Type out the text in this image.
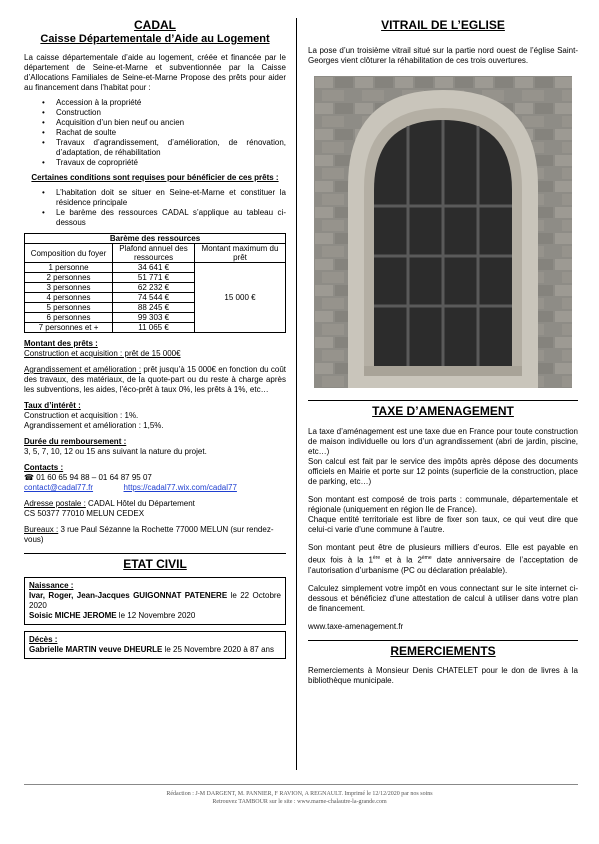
CADAL
Caisse Départementale d’Aide au Logement

La caisse départementale d’aide au logement, créée et financée par le département de Seine-et-Marne et subventionnée par la Caisse d’Allocations Familiales de Seine-et-Marne Propose des prêts pour aider au financement dans l’habitat pour :

• Accession à la propriété
• Construction
• Acquisition d’un bien neuf ou ancien
• Rachat de soulte
• Travaux d’agrandissement, d’amélioration, de rénovation, d’adaptation, de réhabilitation
• Travaux de copropriété

Certaines conditions sont requises pour bénéficier de ces prêts :

• L’habitation doit se situer en Seine-et-Marne et constituer la résidence principale
• Le barème des ressources CADAL s’applique au tableau ci-dessous
Barème des ressources		
Composition du foyer	Plafond annuel des ressources	Montant maximum du prêt
1 personne	34 641 €	15 000 €
2 personnes	51 771 €	
3 personnes	62 232 €	
4 personnes	74 544 €	
5 personnes	88 245 €	
6 personnes	99 303 €	
7 personnes et +	11 065 €	

Montant des prêts :

Construction et acquisition : prêt de 15 000€

Agrandissement et amélioration : prêt jusqu’à 15 000€ en fonction du coût des travaux, des matériaux, de la quote-part ou du reste à charge après les subventions, les aides, l’éco-prêt à taux 0%, les prêts à 1%, etc…

Taux d’intérêt :

Construction et acquisition : 1%.

Agrandissement et amélioration : 1,5%.

Durée du remboursement :

3, 5, 7, 10, 12 ou 15 ans suivant la nature du projet.

Contacts :

☎ 01 60 65 94 88 – 01 64 87 95 07

contact@cadal77.fr	https://cadal77.wix.com/cadal77

Adresse postale : CADAL Hôtel du Département

CS 50377 77010 MELUN CEDEX

Bureaux : 3 rue Paul Sézanne la Rochette 77000 MELUN (sur rendez-vous)

ETAT CIVIL

Naissance :

Ivar, Roger, Jean-Jacques GUIGONNAT PATENERE le 22 Octobre 2020

Soisic MICHE JEROME le 12 Novembre 2020

Décès :

Gabrielle MARTIN veuve DHEURLE le 25 Novembre 2020 à 87 ans

VITRAIL DE L’EGLISE

La pose d’un troisième vitrail situé sur la partie nord ouest de l’église Saint-Georges vient clôturer la réhabilitation de ces trois ouvertures.

TAXE D’AMENAGEMENT

La taxe d’aménagement est une taxe due en France pour toute construction de maison individuelle ou lors d’un agrandissement (abri de jardin, piscine, etc…)

Son calcul est fait par le service des impôts après dépose des documents officiels en Mairie et porte sur 12 points (superficie de la construction, place de parking, etc…)

Son montant est composé de trois parts : communale, départementale et régionale (uniquement en région Ile de France).

Chaque entité territoriale est libre de fixer son taux, ce qui veut dire que celui-ci varie d’une commune à l’autre.

Son montant peut être de plusieurs milliers d’euros. Elle est payable en deux fois à la 1ère et à la 2ème date anniversaire de l’acceptation de l’autorisation d’urbanisme (PC ou déclaration préalable).

Calculez simplement votre impôt en vous connectant sur le site internet ci-dessous et bénéficiez d’une attestation de calcul à utiliser dans votre plan de financement.

www.taxe-amenagement.fr

REMERCIEMENTS

Remerciements à Monsieur Denis CHATELET pour le don de livres à la bibliothèque municipale.

Rédaction : J-M DARGENT, M. PANNIER, F RAVION, A REGNAULT. Imprimé le 12/12/2020 par nos soins
Retrouvez TAMBOUR sur le site : www.marne-chalautre-la-grande.com
